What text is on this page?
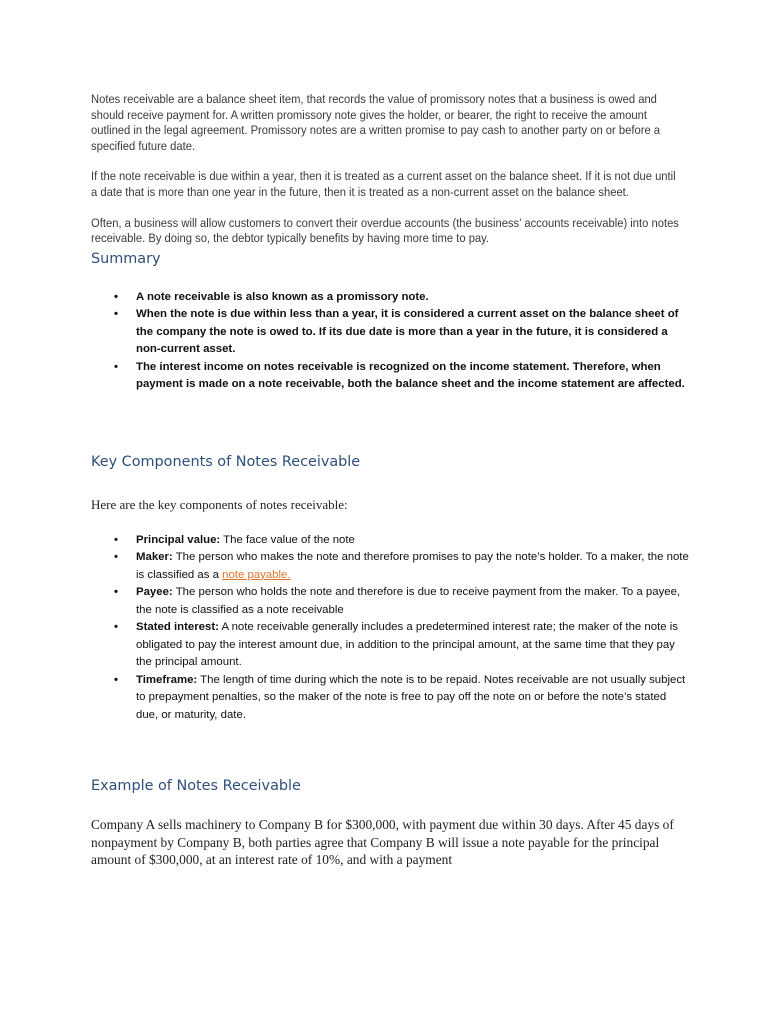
Notes receivable are a balance sheet item, that records the value of promissory notes that a business is owed and should receive payment for. A written promissory note gives the holder, or bearer, the right to receive the amount outlined in the legal agreement. Promissory notes are a written promise to pay cash to another party on or before a specified future date.

If the note receivable is due within a year, then it is treated as a current asset on the balance sheet. If it is not due until a date that is more than one year in the future, then it is treated as a non-current asset on the balance sheet.

Often, a business will allow customers to convert their overdue accounts (the business’ accounts receivable) into notes receivable. By doing so, the debtor typically benefits by having more time to pay.

Summary
• A note receivable is also known as a promissory note.
• When the note is due within less than a year, it is considered a current asset on the balance sheet of the company the note is owed to. If its due date is more than a year in the future, it is considered a non-current asset.
• The interest income on notes receivable is recognized on the income statement. Therefore, when payment is made on a note receivable, both the balance sheet and the income statement are affected.
Key Components of Notes Receivable

Here are the key components of notes receivable:

• Principal value: The face value of the note
• Maker: The person who makes the note and therefore promises to pay the note’s holder. To a maker, the note is classified as a note payable.
• Payee: The person who holds the note and therefore is due to receive payment from the maker. To a payee, the note is classified as a note receivable
• Stated interest: A note receivable generally includes a predetermined interest rate; the maker of the note is obligated to pay the interest amount due, in addition to the principal amount, at the same time that they pay the principal amount.
• Timeframe: The length of time during which the note is to be repaid. Notes receivable are not usually subject to prepayment penalties, so the maker of the note is free to pay off the note on or before the note’s stated due, or maturity, date.
Example of Notes Receivable

Company A sells machinery to Company B for $300,000, with payment due within 30 days. After 45 days of nonpayment by Company B, both parties agree that Company B will issue a note payable for the principal amount of $300,000, at an interest rate of 10%, and with a payment
